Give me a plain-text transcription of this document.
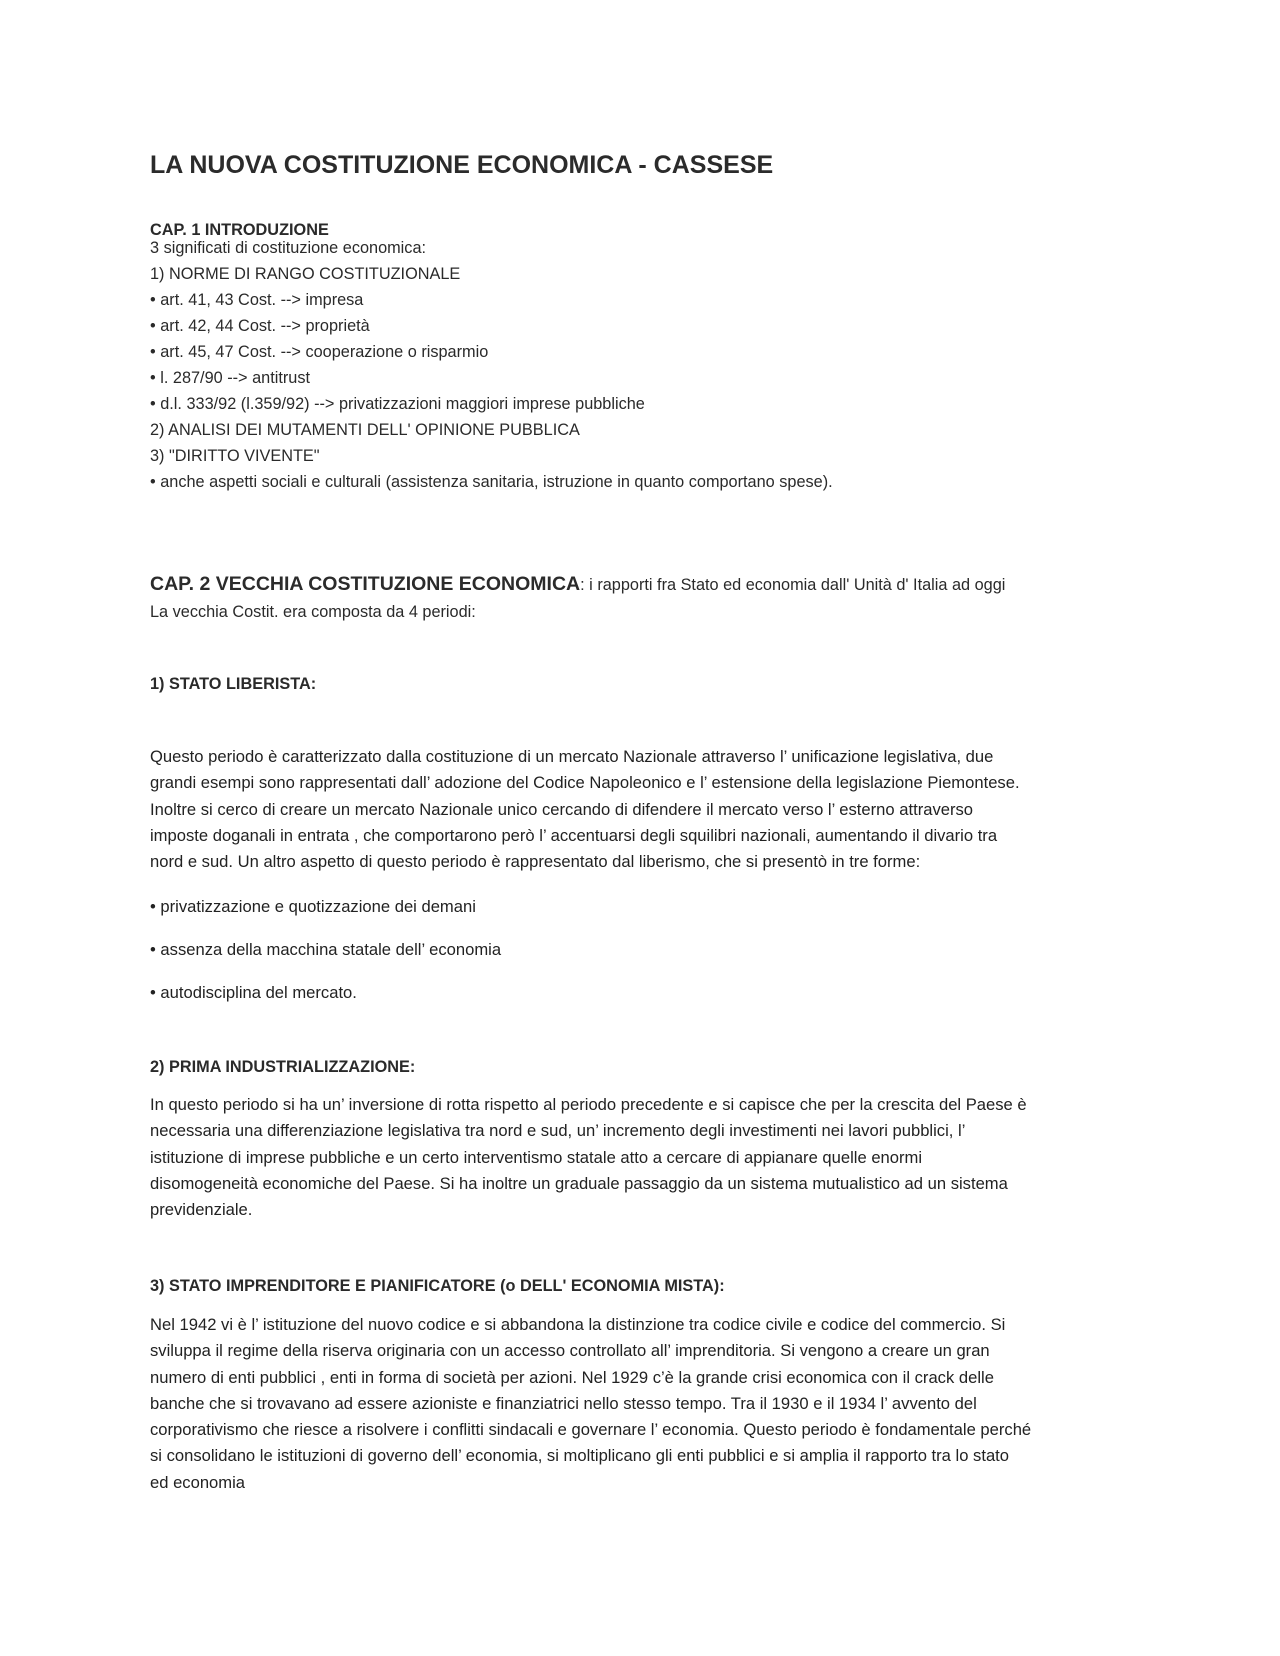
LA NUOVA COSTITUZIONE ECONOMICA - CASSESE
CAP. 1 INTRODUZIONE
3 significati di costituzione economica:
1) NORME DI RANGO COSTITUZIONALE
• art. 41, 43 Cost. --> impresa
• art. 42, 44 Cost. --> proprietà
• art. 45, 47 Cost. --> cooperazione o risparmio
• l. 287/90 --> antitrust
• d.l. 333/92 (l.359/92) --> privatizzazioni maggiori imprese pubbliche
2) ANALISI DEI MUTAMENTI DELL' OPINIONE PUBBLICA
3) "DIRITTO VIVENTE"
• anche aspetti sociali e culturali (assistenza sanitaria, istruzione in quanto comportano spese).
CAP. 2 VECCHIA COSTITUZIONE ECONOMICA: i rapporti fra Stato ed economia dall' Unità d' Italia ad oggi
La vecchia Costit. era composta da 4 periodi:
1) STATO LIBERISTA:
Questo periodo è caratterizzato dalla costituzione di un mercato Nazionale attraverso l’ unificazione legislativa, due
grandi esempi sono rappresentati dall’ adozione del Codice Napoleonico e l’ estensione della legislazione Piemontese.
Inoltre si cerco di creare un mercato Nazionale unico cercando di difendere il mercato verso l’ esterno attraverso
imposte doganali in entrata , che comportarono però l’ accentuarsi degli squilibri nazionali, aumentando il divario tra
nord e sud. Un altro aspetto di questo periodo è rappresentato dal liberismo, che si presentò in tre forme:
• privatizzazione e quotizzazione dei demani
• assenza della macchina statale dell’ economia
• autodisciplina del mercato.
2) PRIMA INDUSTRIALIZZAZIONE:
In questo periodo si ha un’ inversione di rotta rispetto al periodo precedente e si capisce che per la crescita del Paese è
necessaria una differenziazione legislativa tra nord e sud, un’ incremento degli investimenti nei lavori pubblici, l’
istituzione di imprese pubbliche e un certo interventismo statale atto a cercare di appianare quelle enormi
disomogeneità economiche del Paese. Si ha inoltre un graduale passaggio da un sistema mutualistico ad un sistema
previdenziale.
3) STATO IMPRENDITORE E PIANIFICATORE (o DELL' ECONOMIA MISTA):
Nel 1942 vi è l’ istituzione del nuovo codice e si abbandona la distinzione tra codice civile e codice del commercio. Si
sviluppa il regime della riserva originaria con un accesso controllato all’ imprenditoria. Si vengono a creare un gran
numero di enti pubblici , enti in forma di società per azioni. Nel 1929 c’è la grande crisi economica con il crack delle
banche che si trovavano ad essere azioniste e finanziatrici nello stesso tempo. Tra il 1930 e il 1934 l’ avvento del
corporativismo che riesce a risolvere i conflitti sindacali e governare l’ economia. Questo periodo è fondamentale perché
si consolidano le istituzioni di governo dell’ economia, si moltiplicano gli enti pubblici e si amplia il rapporto tra lo stato
ed economia
